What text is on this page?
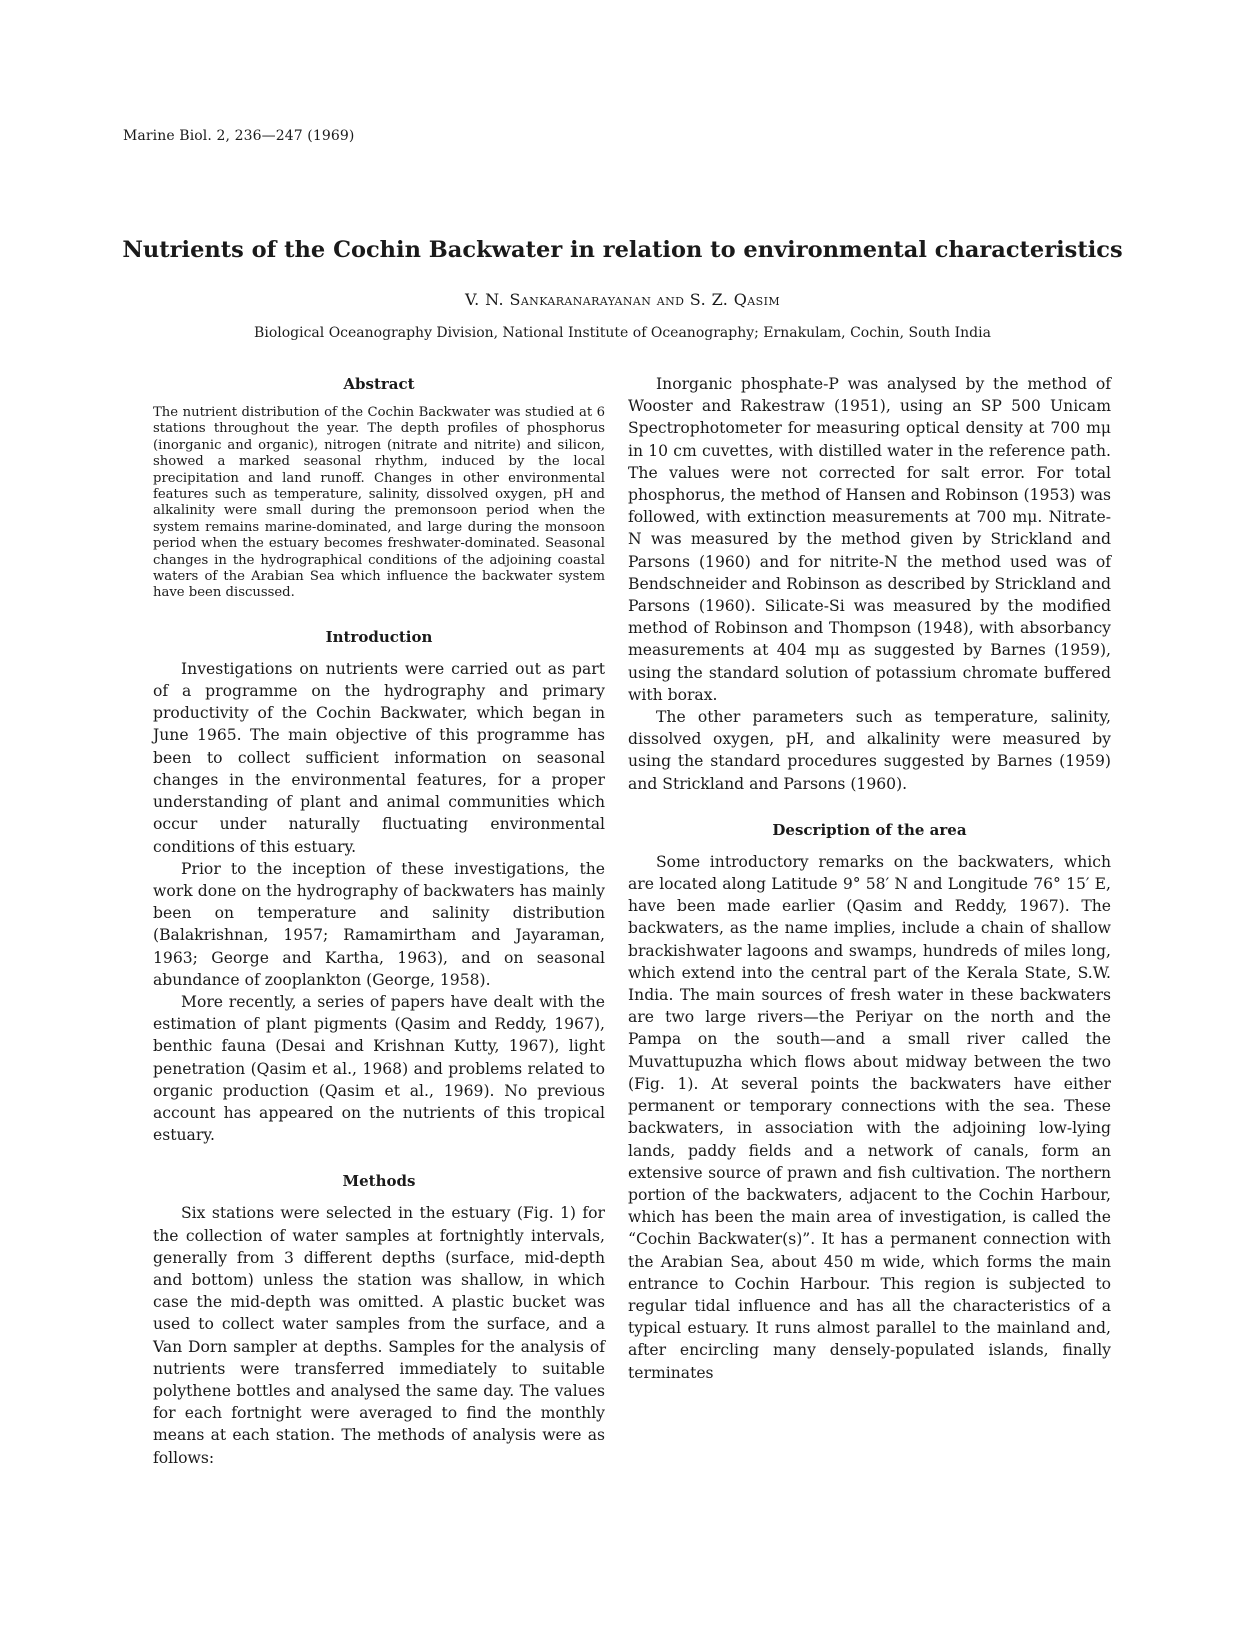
Marine Biol. 2, 236—247 (1969)
Nutrients of the Cochin Backwater in relation to environmental characteristics
V. N. Sankaranarayanan and S. Z. Qasim
Biological Oceanography Division, National Institute of Oceanography; Ernakulam, Cochin, South India
Abstract

The nutrient distribution of the Cochin Backwater was studied at 6 stations throughout the year. The depth profiles of phosphorus (inorganic and organic), nitrogen (nitrate and nitrite) and silicon, showed a marked seasonal rhythm, induced by the local precipitation and land runoff. Changes in other environmental features such as temperature, salinity, dissolved oxygen, pH and alkalinity were small during the premonsoon period when the system remains marine-dominated, and large during the monsoon period when the estuary becomes freshwater-dominated. Seasonal changes in the hydrographical conditions of the adjoining coastal waters of the Arabian Sea which influence the backwater system have been discussed.

Introduction

Investigations on nutrients were carried out as part of a programme on the hydrography and primary productivity of the Cochin Backwater, which began in June 1965. The main objective of this programme has been to collect sufficient information on seasonal changes in the environmental features, for a proper understanding of plant and animal communities which occur under naturally fluctuating environmental conditions of this estuary.

Prior to the inception of these investigations, the work done on the hydrography of backwaters has mainly been on temperature and salinity distribution (Balakrishnan, 1957; Ramamirtham and Jayaraman, 1963; George and Kartha, 1963), and on seasonal abundance of zooplankton (George, 1958).

More recently, a series of papers have dealt with the estimation of plant pigments (Qasim and Reddy, 1967), benthic fauna (Desai and Krishnan Kutty, 1967), light penetration (Qasim et al., 1968) and problems related to organic production (Qasim et al., 1969). No previous account has appeared on the nutrients of this tropical estuary.

Methods

Six stations were selected in the estuary (Fig. 1) for the collection of water samples at fortnightly intervals, generally from 3 different depths (surface, mid-depth and bottom) unless the station was shallow, in which case the mid-depth was omitted. A plastic bucket was used to collect water samples from the surface, and a Van Dorn sampler at depths. Samples for the analysis of nutrients were transferred immediately to suitable polythene bottles and analysed the same day. The values for each fortnight were averaged to find the monthly means at each station. The methods of analysis were as follows:

Inorganic phosphate-P was analysed by the method of Wooster and Rakestraw (1951), using an SP 500 Unicam Spectrophotometer for measuring optical density at 700 mμ in 10 cm cuvettes, with distilled water in the reference path. The values were not corrected for salt error. For total phosphorus, the method of Hansen and Robinson (1953) was followed, with extinction measurements at 700 mμ. Nitrate-N was measured by the method given by Strickland and Parsons (1960) and for nitrite-N the method used was of Bendschneider and Robinson as described by Strickland and Parsons (1960). Silicate-Si was measured by the modified method of Robinson and Thompson (1948), with absorbancy measurements at 404 mμ as suggested by Barnes (1959), using the standard solution of potassium chromate buffered with borax.

The other parameters such as temperature, salinity, dissolved oxygen, pH, and alkalinity were measured by using the standard procedures suggested by Barnes (1959) and Strickland and Parsons (1960).

Description of the area

Some introductory remarks on the backwaters, which are located along Latitude 9° 58′ N and Longitude 76° 15′ E, have been made earlier (Qasim and Reddy, 1967). The backwaters, as the name implies, include a chain of shallow brackishwater lagoons and swamps, hundreds of miles long, which extend into the central part of the Kerala State, S.W. India. The main sources of fresh water in these backwaters are two large rivers—the Periyar on the north and the Pampa on the south—and a small river called the Muvattupuzha which flows about midway between the two (Fig. 1). At several points the backwaters have either permanent or temporary connections with the sea. These backwaters, in association with the adjoining low-lying lands, paddy fields and a network of canals, form an extensive source of prawn and fish cultivation. The northern portion of the backwaters, adjacent to the Cochin Harbour, which has been the main area of investigation, is called the “Cochin Backwater(s)”. It has a permanent connection with the Arabian Sea, about 450 m wide, which forms the main entrance to Cochin Harbour. This region is subjected to regular tidal influence and has all the characteristics of a typical estuary. It runs almost parallel to the mainland and, after encircling many densely-populated islands, finally terminates
